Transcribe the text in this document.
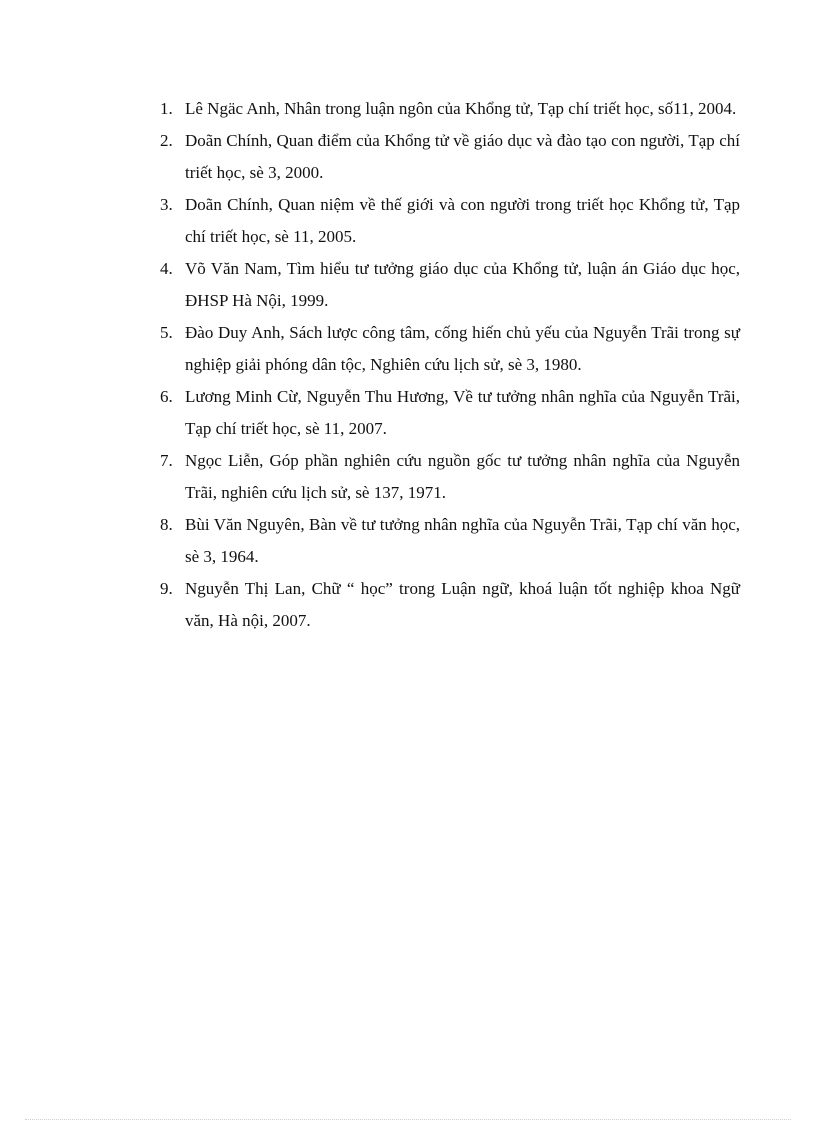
1. Lê Ngäc Anh, Nhân trong luận ngôn của Khổng tử, Tạp chí triết học, số11, 2004.
2. Doãn Chính, Quan điểm của Khổng tử về giáo dục và đào tạo con người, Tạp chí triết học, sè 3, 2000.
3. Doãn Chính, Quan niệm về thế giới và con người trong triết học Khổng tử, Tạp chí triết học, sè 11, 2005.
4. Võ Văn Nam, Tìm hiểu tư tưởng giáo dục của Khổng tử, luận án Giáo dục học, ĐHSP Hà Nội, 1999.
5. Đào Duy Anh, Sách lược công tâm, cống hiến chủ yếu của Nguyễn Trãi trong sự nghiệp giải phóng dân tộc, Nghiên cứu lịch sử, sè 3, 1980.
6. Lương Minh Cừ, Nguyễn Thu Hương, Về tư tưởng nhân nghĩa của Nguyễn Trãi, Tạp chí triết học, sè 11, 2007.
7. Ngọc Liễn, Góp phần nghiên cứu nguồn gốc tư tưởng nhân nghĩa của Nguyễn Trãi, nghiên cứu lịch sử, sè 137, 1971.
8. Bùi Văn Nguyên, Bàn về tư tưởng nhân nghĩa của Nguyễn Trãi, Tạp chí văn học, sè 3, 1964.
9. Nguyễn Thị Lan, Chữ “ học” trong Luận ngữ, khoá luận tốt nghiệp khoa Ngữ văn, Hà nội, 2007.
